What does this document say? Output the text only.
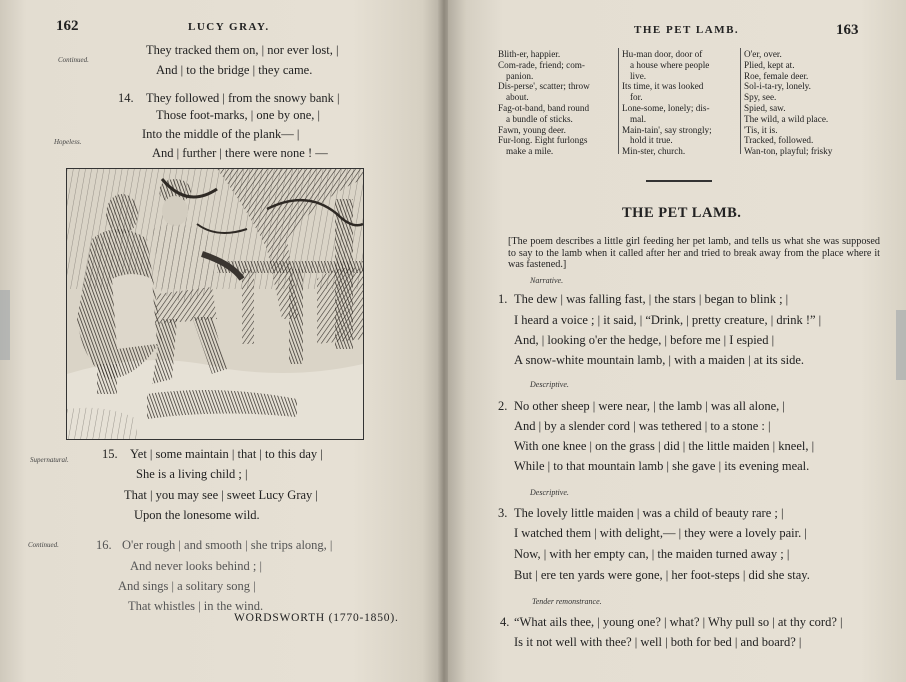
162	LUCY GRAY.
Continued.
They tracked them on, | nor ever lost, |
And | to the bridge | they came.
14. They followed | from the snowy bank |
Those foot-marks, | one by one, |
Hopeless.
Into the middle of the plank— |
And | further | there were none ! —
Supernatural.	15. Yet | some maintain | that | to this day |
She is a living child ; |
That | you may see | sweet Lucy Gray |
Upon the lonesome wild.
Continued.	16. O'er rough | and smooth | she trips along, |
And never looks behind ; |
And sings | a solitary song |
That whistles | in the wind.
WORDSWORTH (1770-1850).
THE PET LAMB.	163
Blith-er, happier.
Com-rade, friend; com-
panion.
Dis-perse', scatter; throw
about.
Fag-ot-band, band round
a bundle of sticks.
Fawn, young deer.
Fur-long. Eight furlongs
make a mile.
Hu-man door, door of
a house where people
live.
Its time, it was looked
for.
Lone-some, lonely; dis-
mal.
Main-tain', say strongly;
hold it true.
Min-ster, church.
O'er, over.
Plied, kept at.
Roe, female deer.
Sol-i-ta-ry, lonely.
Spy, see.
Spied, saw.
The wild, a wild place.
'Tis, it is.
Tracked, followed.
Wan-ton, playful; frisky
THE PET LAMB.
[The poem describes a little girl feeding her pet lamb, and tells us what she was supposed to say to the lamb when it called after her and tried to break away from the place where it was fastened.]
Narrative.
1. The dew | was falling fast, | the stars | began to blink ; |
I heard a voice ; | it said, | “Drink, | pretty creature, | drink !” |
And, | looking o'er the hedge, | before me | I espied |
A snow-white mountain lamb, | with a maiden | at its side.
Descriptive.
2. No other sheep | were near, | the lamb | was all alone, |
And | by a slender cord | was tethered | to a stone : |
With one knee | on the grass | did | the little maiden | kneel, |
While | to that mountain lamb | she gave | its evening meal.
Descriptive.
3. The lovely little maiden | was a child of beauty rare ; |
I watched them | with delight,— | they were a lovely pair. |
Now, | with her empty can, | the maiden turned away ; |
But | ere ten yards were gone, | her foot-steps | did she stay.
Tender remonstrance.
4. “What ails thee, | young one? | what? | Why pull so | at thy cord? |
Is it not well with thee? | well | both for bed | and board? |
